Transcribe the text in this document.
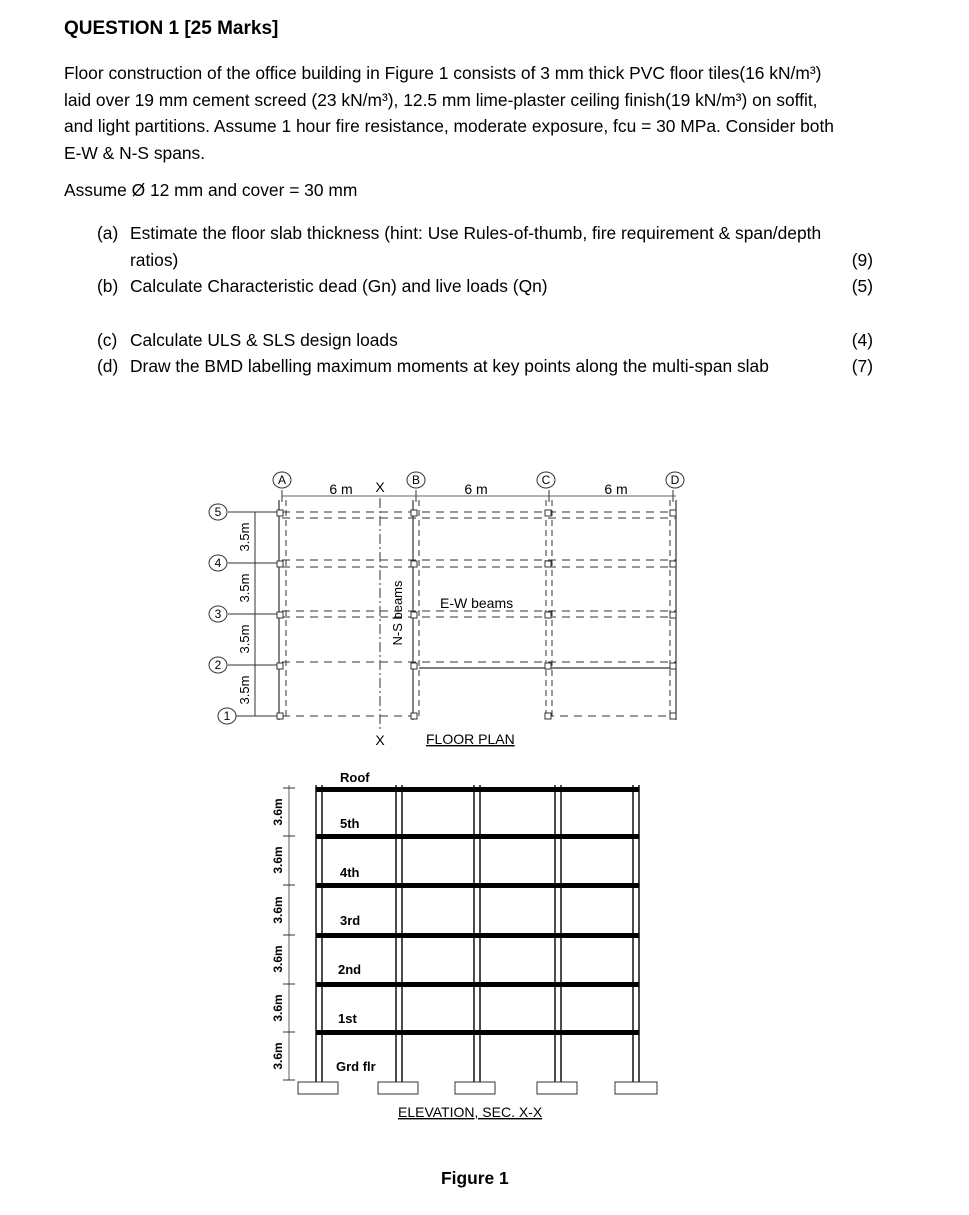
QUESTION 1 [25 Marks]

Floor construction of the office building in Figure 1 consists of 3 mm thick PVC floor tiles(16 kN/m³)
laid over 19 mm cement screed (23 kN/m³), 12.5 mm lime-plaster ceiling finish(19 kN/m³) on soffit,
and light partitions. Assume 1 hour fire resistance, moderate exposure, fcu = 30 MPa. Consider both
E-W & N-S spans.

Assume Ø 12 mm and cover = 30 mm

(a) Estimate the floor slab thickness (hint: Use Rules-of-thumb, fire requirement & span/depth ratios)	(9)
(b) Calculate Characteristic dead (Gn) and live loads (Qn)	(5)
(c) Calculate ULS & SLS design loads	(4)
(d) Draw the BMD labelling maximum moments at key points along the multi-span slab	(7)
A	B	C	D
5
4
3
2
1
6 m	6 m	6 m
X
X
3.5m
3.5m
3.5m
3.5m
N-S beams	E-W beams
FLOOR PLAN
Roof
5th
4th
3rd
2nd
1st
Grd flr
3.6m
3.6m
3.6m
3.6m
3.6m
3.6m
ELEVATION, SEC. X-X
Figure 1
